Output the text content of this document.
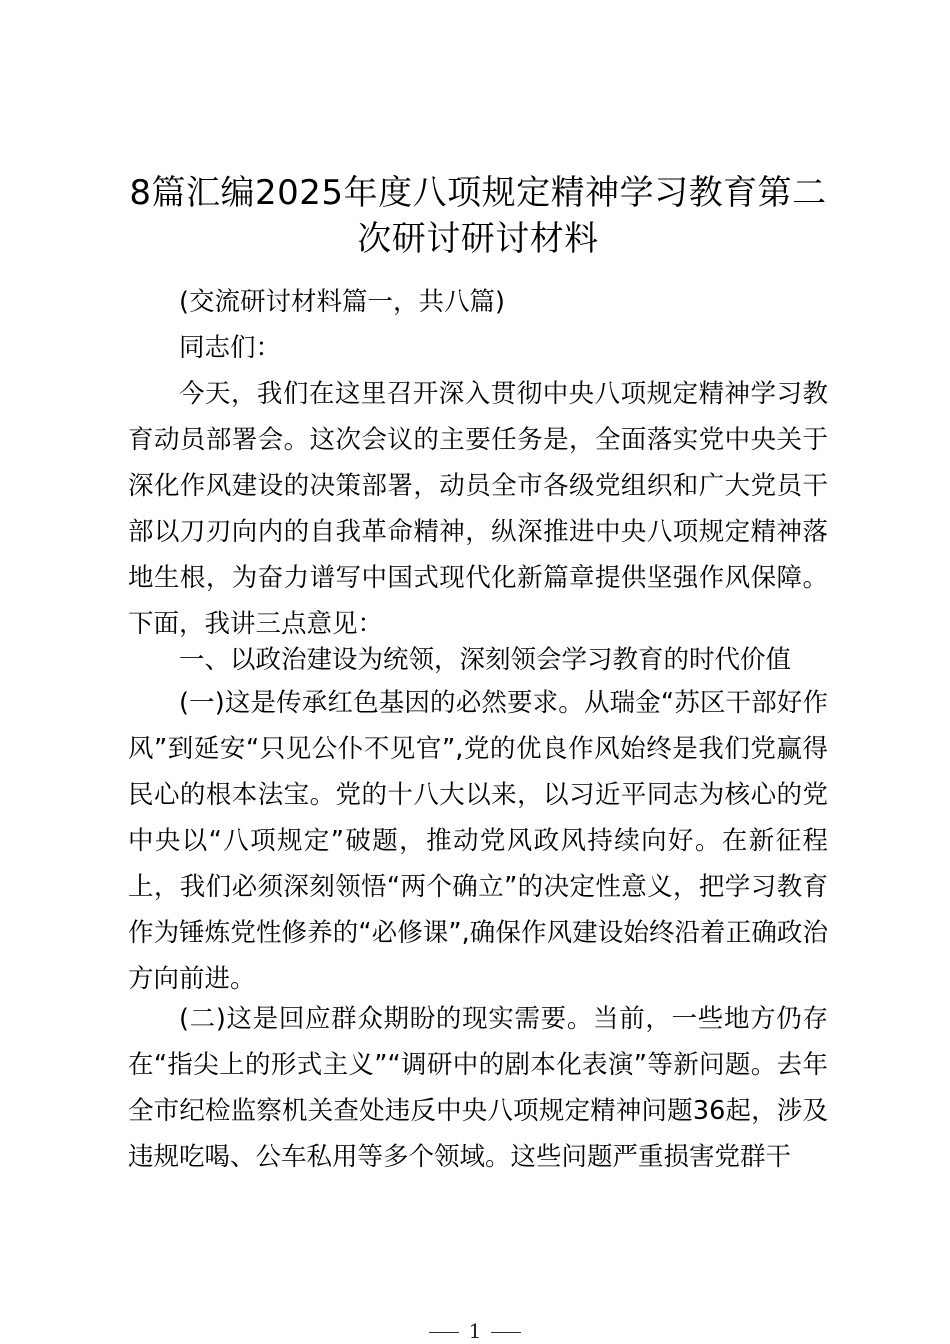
8篇汇编2025年度八项规定精神学习教育第二次研讨研讨材料

(交流研讨材料篇一，共八篇)

同志们：

今天，我们在这里召开深入贯彻中央八项规定精神学习教育动员部署会。这次会议的主要任务是，全面落实党中央关于深化作风建设的决策部署，动员全市各级党组织和广大党员干部以刀刃向内的自我革命精神，纵深推进中央八项规定精神落地生根，为奋力谱写中国式现代化新篇章提供坚强作风保障。下面，我讲三点意见：

一、以政治建设为统领，深刻领会学习教育的时代价值

(一)这是传承红色基因的必然要求。从瑞金“苏区干部好作风”到延安“只见公仆不见官”,党的优良作风始终是我们党赢得民心的根本法宝。党的十八大以来，以习近平同志为核心的党中央以“八项规定”破题，推动党风政风持续向好。在新征程上，我们必须深刻领悟“两个确立”的决定性意义，把学习教育作为锤炼党性修养的“必修课”,确保作风建设始终沿着正确政治方向前进。

(二)这是回应群众期盼的现实需要。当前，一些地方仍存在“指尖上的形式主义”“调研中的剧本化表演”等新问题。去年全市纪检监察机关查处违反中央八项规定精神问题36起，涉及违规吃喝、公车私用等多个领域。这些问题严重损害党群干

1
